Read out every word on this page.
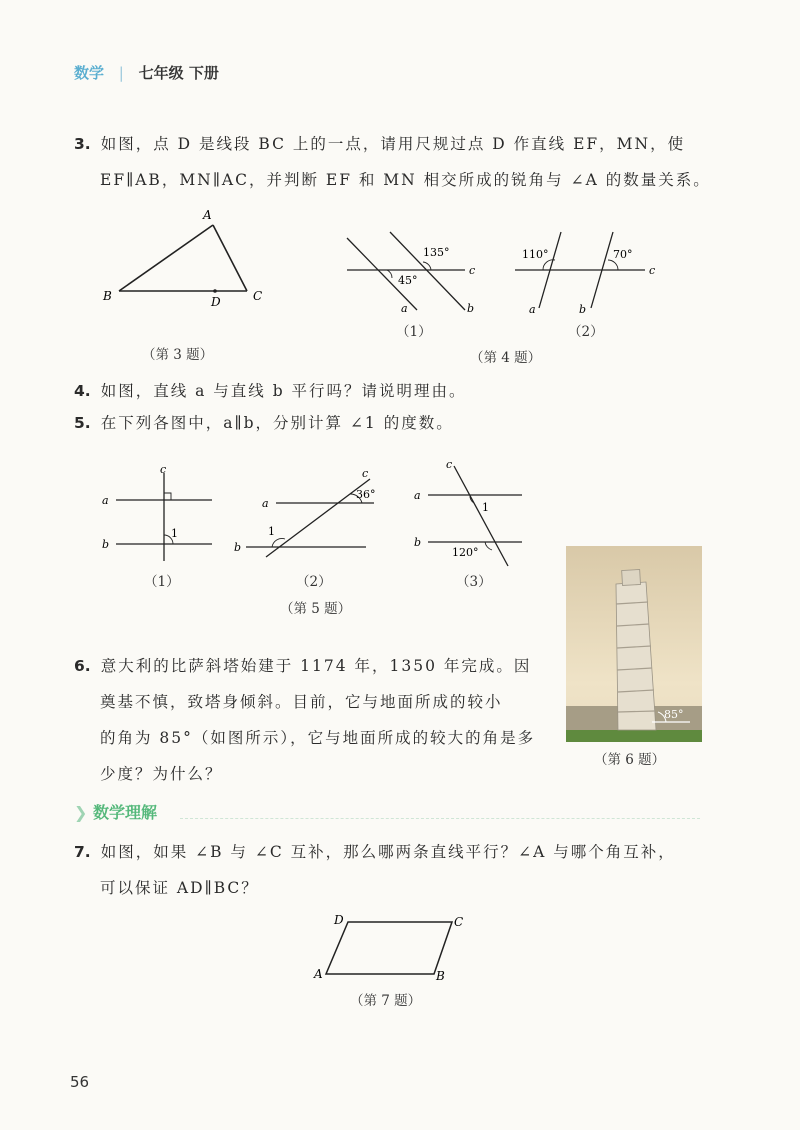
数学 | 七年级 下册
3. 如图，点 D 是线段 BC 上的一点，请用尺规过点 D 作直线 EF，MN，使
EF∥AB，MN∥AC，并判断 EF 和 MN 相交所成的锐角与 ∠A 的数量关系。
A
B	C
D
（第 3 题）
135°
45°
c
a	b
（1）
110°	70°
c
a	b
（2）
（第 4 题）
4. 如图，直线 a 与直线 b 平行吗？请说明理由。
5. 在下列各图中，a∥b，分别计算 ∠1 的度数。
c
a
b
1
（1）
c
a
b
36°
1
（2）
c
a
b
1
120°
（3）
（第 5 题）
85°
（第 6 题）
6. 意大利的比萨斜塔始建于 1174 年，1350 年完成。因
奠基不慎，致塔身倾斜。目前，它与地面所成的较小
的角为 85°（如图所示），它与地面所成的较大的角是多
少度？为什么？
❯ 数学理解
7. 如图，如果 ∠B 与 ∠C 互补，那么哪两条直线平行？∠A 与哪个角互补，
可以保证 AD∥BC？
D	C
A	B
（第 7 题）
56
